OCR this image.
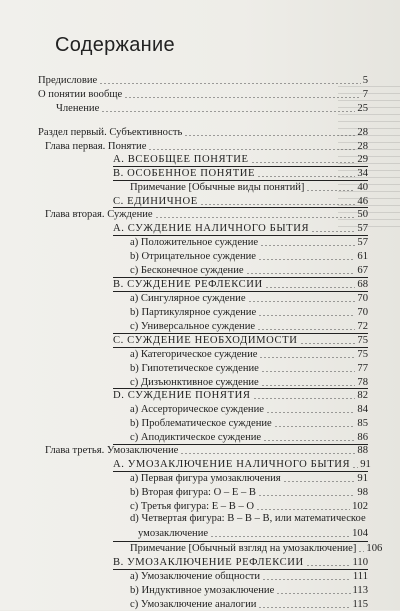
Содержание
Предисловие	5
О понятии вообще	7
Членение	25
Раздел первый. Субъективность	28
Глава первая. Понятие	28
А. ВСЕОБЩЕЕ ПОНЯТИЕ	29
В. ОСОБЕННОЕ ПОНЯТИЕ	34
Примечание [Обычные виды понятий]	40
С. ЕДИНИЧНОЕ	46
Глава вторая. Суждение	50
А. СУЖДЕНИЕ НАЛИЧНОГО БЫТИЯ	57
а) Положительное суждение	57
b) Отрицательное суждение	61
с) Бесконечное суждение	67
В. СУЖДЕНИЕ РЕФЛЕКСИИ	68
а) Сингулярное суждение	70
b) Партикулярное суждение	70
с) Универсальное суждение	72
С. СУЖДЕНИЕ НЕОБХОДИМОСТИ	75
а) Категорическое суждение	75
b) Гипотетическое суждение	77
с) Дизъюнктивное суждение	78
D. СУЖДЕНИЕ ПОНЯТИЯ	82
а) Ассерторическое суждение	84
b) Проблематическое суждение	85
с) Аподиктическое суждение	86
Глава третья. Умозаключение	88
А. УМОЗАКЛЮЧЕНИЕ НАЛИЧНОГО БЫТИЯ 91
а) Первая фигура умозаключения	91
b) Вторая фигура: О – Е – В	98
с) Третья фигура: Е – В – О	102
d) Четвертая фигура: В – В – В, или математическое
умозаключение	104
Примечание [Обычный взгляд на умозаключение] 106
В. УМОЗАКЛЮЧЕНИЕ РЕФЛЕКСИИ	110
а) Умозаключение общности	111
b) Индуктивное умозаключение	113
с) Умозаключение аналогии	115
